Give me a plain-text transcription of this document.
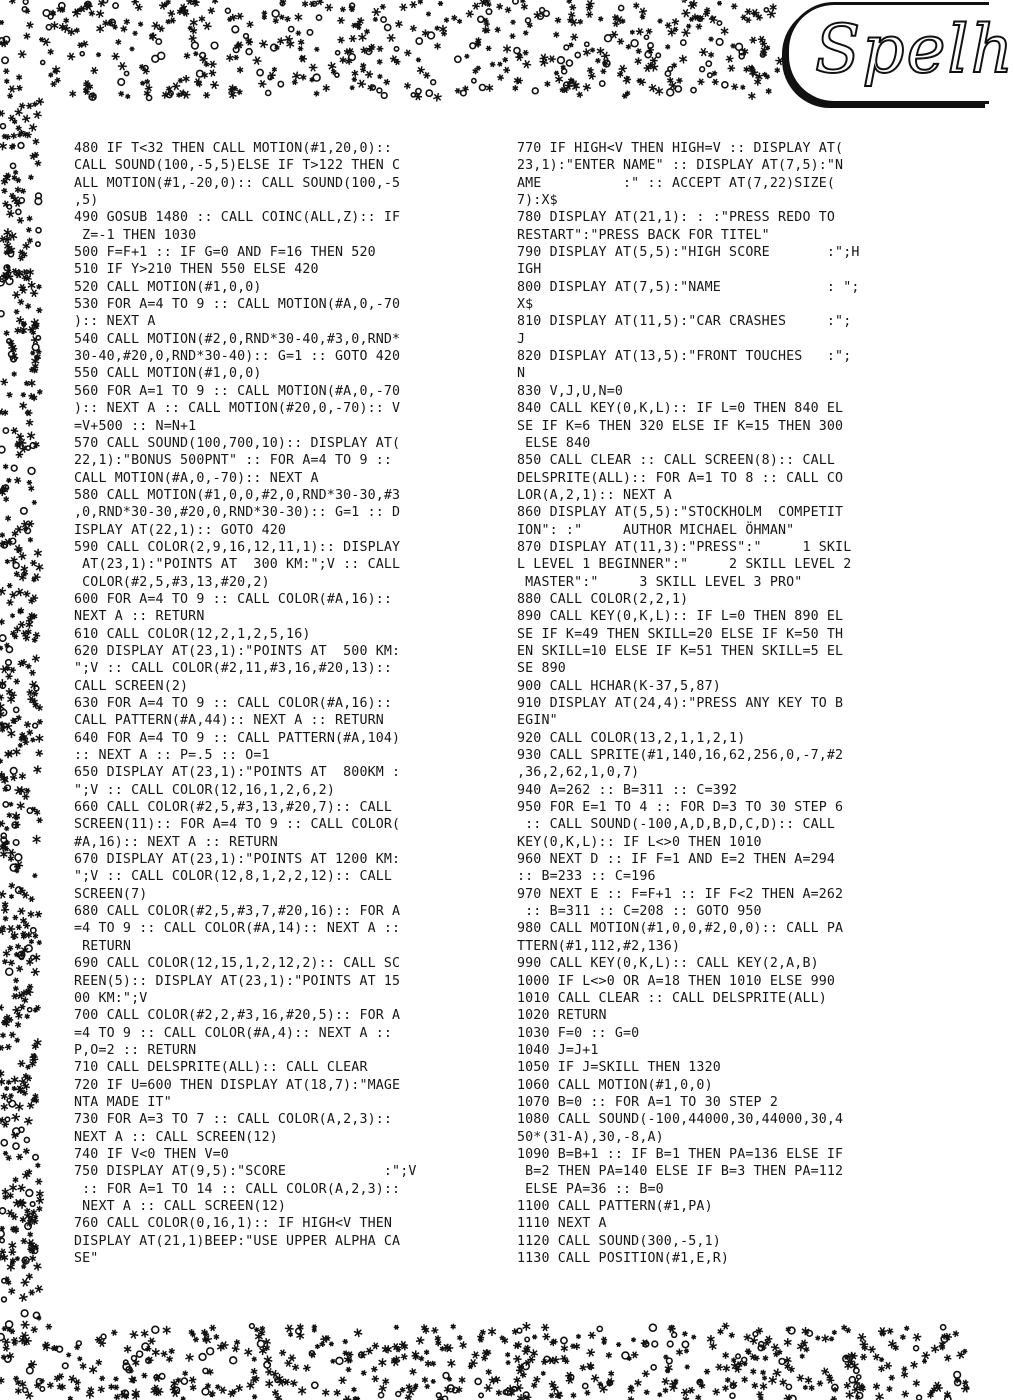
Spelh
480 IF T<32 THEN CALL MOTION(#1,20,0)::
CALL SOUND(100,-5,5)ELSE IF T>122 THEN C
ALL MOTION(#1,-20,0):: CALL SOUND(100,-5
,5)
490 GOSUB 1480 :: CALL COINC(ALL,Z):: IF
Z=-1 THEN 1030
500 F=F+1 :: IF G=0 AND F=16 THEN 520
510 IF Y>210 THEN 550 ELSE 420
520 CALL MOTION(#1,0,0)
530 FOR A=4 TO 9 :: CALL MOTION(#A,0,-70
):: NEXT A
540 CALL MOTION(#2,0,RND*30-40,#3,0,RND*
30-40,#20,0,RND*30-40):: G=1 :: GOTO 420
550 CALL MOTION(#1,0,0)
560 FOR A=1 TO 9 :: CALL MOTION(#A,0,-70
):: NEXT A :: CALL MOTION(#20,0,-70):: V
=V+500 :: N=N+1
570 CALL SOUND(100,700,10):: DISPLAY AT(
22,1):"BONUS 500PNT" :: FOR A=4 TO 9 ::
CALL MOTION(#A,0,-70):: NEXT A
580 CALL MOTION(#1,0,0,#2,0,RND*30-30,#3
,0,RND*30-30,#20,0,RND*30-30):: G=1 :: D
ISPLAY AT(22,1):: GOTO 420
590 CALL COLOR(2,9,16,12,11,1):: DISPLAY
AT(23,1):"POINTS AT  300 KM:";V :: CALL
COLOR(#2,5,#3,13,#20,2)
600 FOR A=4 TO 9 :: CALL COLOR(#A,16)::
NEXT A :: RETURN
610 CALL COLOR(12,2,1,2,5,16)
620 DISPLAY AT(23,1):"POINTS AT  500 KM:
";V :: CALL COLOR(#2,11,#3,16,#20,13)::
CALL SCREEN(2)
630 FOR A=4 TO 9 :: CALL COLOR(#A,16)::
CALL PATTERN(#A,44):: NEXT A :: RETURN
640 FOR A=4 TO 9 :: CALL PATTERN(#A,104)
:: NEXT A :: P=.5 :: O=1
650 DISPLAY AT(23,1):"POINTS AT  800KM :
";V :: CALL COLOR(12,16,1,2,6,2)
660 CALL COLOR(#2,5,#3,13,#20,7):: CALL
SCREEN(11):: FOR A=4 TO 9 :: CALL COLOR(
#A,16):: NEXT A :: RETURN
670 DISPLAY AT(23,1):"POINTS AT 1200 KM:
";V :: CALL COLOR(12,8,1,2,2,12):: CALL
SCREEN(7)
680 CALL COLOR(#2,5,#3,7,#20,16):: FOR A
=4 TO 9 :: CALL COLOR(#A,14):: NEXT A ::
RETURN
690 CALL COLOR(12,15,1,2,12,2):: CALL SC
REEN(5):: DISPLAY AT(23,1):"POINTS AT 15
00 KM:";V
700 CALL COLOR(#2,2,#3,16,#20,5):: FOR A
=4 TO 9 :: CALL COLOR(#A,4):: NEXT A ::
P,O=2 :: RETURN
710 CALL DELSPRITE(ALL):: CALL CLEAR
720 IF U=600 THEN DISPLAY AT(18,7):"MAGE
NTA MADE IT"
730 FOR A=3 TO 7 :: CALL COLOR(A,2,3)::
NEXT A :: CALL SCREEN(12)
740 IF V<0 THEN V=0
750 DISPLAY AT(9,5):"SCORE            :";V
:: FOR A=1 TO 14 :: CALL COLOR(A,2,3)::
NEXT A :: CALL SCREEN(12)
760 CALL COLOR(0,16,1):: IF HIGH<V THEN
DISPLAY AT(21,1)BEEP:"USE UPPER ALPHA CA
SE"
770 IF HIGH<V THEN HIGH=V :: DISPLAY AT(
23,1):"ENTER NAME" :: DISPLAY AT(7,5):"N
AME          :" :: ACCEPT AT(7,22)SIZE(
7):X$
780 DISPLAY AT(21,1): : :"PRESS REDO TO
RESTART":"PRESS BACK FOR TITEL"
790 DISPLAY AT(5,5):"HIGH SCORE       :";H
IGH
800 DISPLAY AT(7,5):"NAME             : ";
X$
810 DISPLAY AT(11,5):"CAR CRASHES     :";
J
820 DISPLAY AT(13,5):"FRONT TOUCHES   :";
N
830 V,J,U,N=0
840 CALL KEY(0,K,L):: IF L=0 THEN 840 EL
SE IF K=6 THEN 320 ELSE IF K=15 THEN 300
ELSE 840
850 CALL CLEAR :: CALL SCREEN(8):: CALL
DELSPRITE(ALL):: FOR A=1 TO 8 :: CALL CO
LOR(A,2,1):: NEXT A
860 DISPLAY AT(5,5):"STOCKHOLM  COMPETIT
ION": :"     AUTHOR MICHAEL ÖHMAN"
870 DISPLAY AT(11,3):"PRESS":"     1 SKIL
L LEVEL 1 BEGINNER":"     2 SKILL LEVEL 2
MASTER":"     3 SKILL LEVEL 3 PRO"
880 CALL COLOR(2,2,1)
890 CALL KEY(0,K,L):: IF L=0 THEN 890 EL
SE IF K=49 THEN SKILL=20 ELSE IF K=50 TH
EN SKILL=10 ELSE IF K=51 THEN SKILL=5 EL
SE 890
900 CALL HCHAR(K-37,5,87)
910 DISPLAY AT(24,4):"PRESS ANY KEY TO B
EGIN"
920 CALL COLOR(13,2,1,1,2,1)
930 CALL SPRITE(#1,140,16,62,256,0,-7,#2
,36,2,62,1,0,7)
940 A=262 :: B=311 :: C=392
950 FOR E=1 TO 4 :: FOR D=3 TO 30 STEP 6
:: CALL SOUND(-100,A,D,B,D,C,D):: CALL
KEY(0,K,L):: IF L<>0 THEN 1010
960 NEXT D :: IF F=1 AND E=2 THEN A=294
:: B=233 :: C=196
970 NEXT E :: F=F+1 :: IF F<2 THEN A=262
:: B=311 :: C=208 :: GOTO 950
980 CALL MOTION(#1,0,0,#2,0,0):: CALL PA
TTERN(#1,112,#2,136)
990 CALL KEY(0,K,L):: CALL KEY(2,A,B)
1000 IF L<>0 OR A=18 THEN 1010 ELSE 990
1010 CALL CLEAR :: CALL DELSPRITE(ALL)
1020 RETURN
1030 F=0 :: G=0
1040 J=J+1
1050 IF J=SKILL THEN 1320
1060 CALL MOTION(#1,0,0)
1070 B=0 :: FOR A=1 TO 30 STEP 2
1080 CALL SOUND(-100,44000,30,44000,30,4
50*(31-A),30,-8,A)
1090 B=B+1 :: IF B=1 THEN PA=136 ELSE IF
B=2 THEN PA=140 ELSE IF B=3 THEN PA=112
ELSE PA=36 :: B=0
1100 CALL PATTERN(#1,PA)
1110 NEXT A
1120 CALL SOUND(300,-5,1)
1130 CALL POSITION(#1,E,R)
